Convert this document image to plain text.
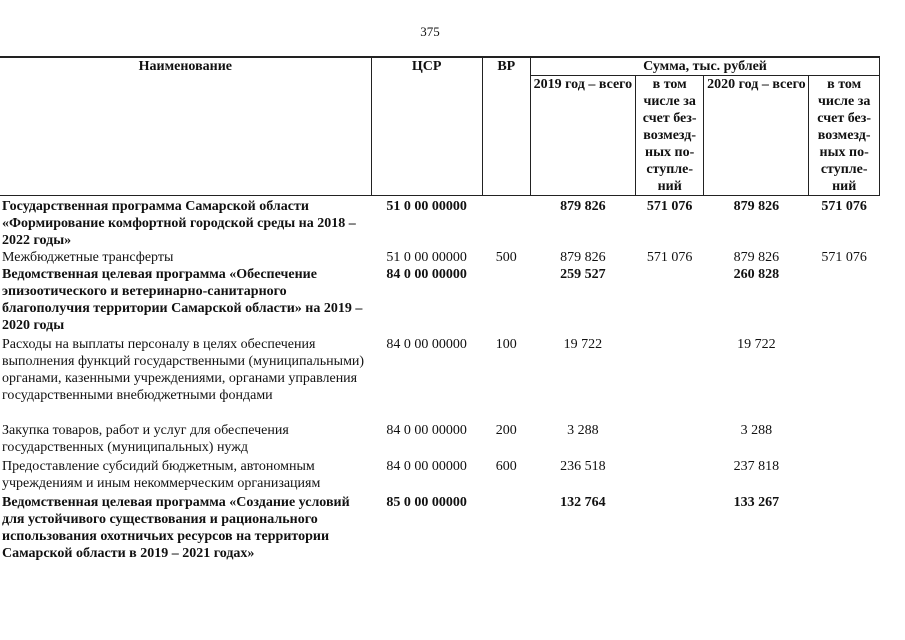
375
Наименование	ЦСР	ВР	Сумма, тыс. рублей			
			2019 год – всего	в том числе за счет без-возмезд-ных по-ступле-ний	2020 год – всего	в том числе за счет без-возмезд-ных по-ступле-ний
Государственная программа Самарской области «Формирование комфортной городской среды на 2018 – 2022 годы»	51 0 00 00000		879 826	571 076	879 826	571 076
Межбюджетные трансферты	51 0 00 00000	500	879 826	571 076	879 826	571 076
Ведомственная целевая программа «Обеспечение эпизоотического и ветеринарно-санитарного благополучия территории Самарской области» на 2019 – 2020 годы	84 0 00 00000		259 527		260 828	
Расходы на выплаты персоналу в целях обеспечения выполнения функций государственными (муниципальными) органами, казенными учреждениями, органами управления государственными внебюджетными фондами	84 0 00 00000	100	19 722		19 722	
Закупка товаров, работ и услуг для обеспечения государственных (муниципальных) нужд	84 0 00 00000	200	3 288		3 288	
Предоставление субсидий бюджетным, автономным учреждениям и иным некоммерческим организациям	84 0 00 00000	600	236 518		237 818	
Ведомственная целевая программа «Создание условий для устойчивого существования и рационального использования охотничьих ресурсов на территории Самарской области в 2019 – 2021 годах»	85 0 00 00000		132 764		133 267	
